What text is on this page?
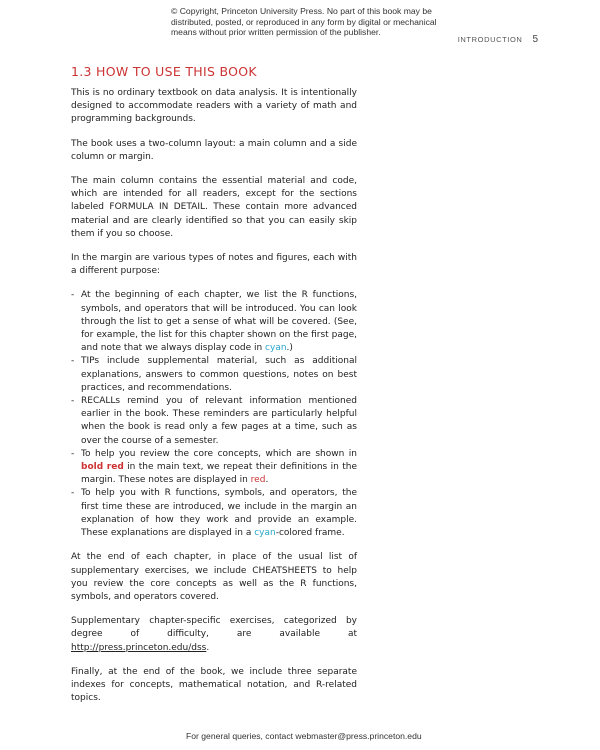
© Copyright, Princeton University Press. No part of this book may be
distributed, posted, or reproduced in any form by digital or mechanical
means without prior written permission of the publisher.
INTRODUCTION 5
1.3 HOW TO USE THIS BOOK

This is no ordinary textbook on data analysis. It is intentionally designed to accommodate readers with a variety of math and programming backgrounds.

The book uses a two-column layout: a main column and a side column or margin.

The main column contains the essential material and code, which are intended for all readers, except for the sections labeled FORMULA IN DETAIL. These contain more advanced material and are clearly identified so that you can easily skip them if you so choose.

In the margin are various types of notes and figures, each with a different purpose:

- At the beginning of each chapter, we list the R functions, symbols, and operators that will be introduced. You can look through the list to get a sense of what will be covered. (See, for example, the list for this chapter shown on the first page, and note that we always display code in cyan.)
- TIPs include supplemental material, such as additional explanations, answers to common questions, notes on best practices, and recommendations.
- RECALLs remind you of relevant information mentioned earlier in the book. These reminders are particularly helpful when the book is read only a few pages at a time, such as over the course of a semester.
- To help you review the core concepts, which are shown in bold red in the main text, we repeat their definitions in the margin. These notes are displayed in red.
- To help you with R functions, symbols, and operators, the first time these are introduced, we include in the margin an explanation of how they work and provide an example. These explanations are displayed in a cyan-colored frame.

At the end of each chapter, in place of the usual list of supplementary exercises, we include CHEATSHEETS to help you review the core concepts as well as the R functions, symbols, and operators covered.

Supplementary chapter-specific exercises, categorized by degree of difficulty, are available at http://press.princeton.edu/dss.

Finally, at the end of the book, we include three separate indexes for concepts, mathematical notation, and R-related topics.

For general queries, contact webmaster@press.princeton.edu
